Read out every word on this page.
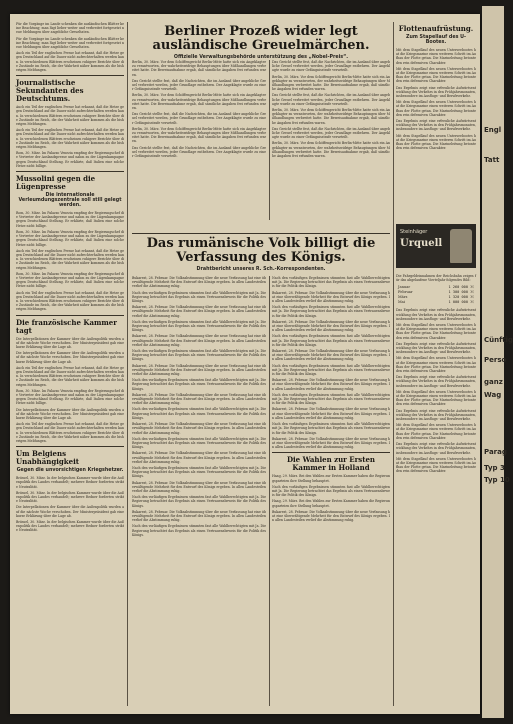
Für die Vorgänge im Lande schenken die ausländischen Blätter keine Beachtung; man lügt lieber weiter und verbreitet fortgesetzt neue Meldungen über angebliche Greueltaten.

Für die Vorgänge im Lande schenken die ausländischen Blätter keine Beachtung; man lügt lieber weiter und verbreitet fortgesetzt neue Meldungen über angebliche Greueltaten.

Auch ein Teil der englischen Presse hat erkannt, daß die Hetze gegen Deutschland auf die Dauer nicht aufrechterhalten werden kann. In verschiedenen Blättern erscheinen ruhigere Berichte über die Zustände im Reich, die der Wahrheit näher kommen als die bisherigen Meldungen.

Journalistische Sekundanten des Deutschtums.

Auch ein Teil der englischen Presse hat erkannt, daß die Hetze gegen Deutschland auf die Dauer nicht aufrechterhalten werden kann. In verschiedenen Blättern erscheinen ruhigere Berichte über die Zustände im Reich, die der Wahrheit näher kommen als die bisherigen Meldungen.

Auch ein Teil der englischen Presse hat erkannt, daß die Hetze gegen Deutschland auf die Dauer nicht aufrechterhalten werden kann. In verschiedenen Blättern erscheinen ruhigere Berichte über die Zustände im Reich, die der Wahrheit näher kommen als die bisherigen Meldungen.

Rom, 30. März. Im Palazzo Venezia empfing der Regierungschef die Vertreter der Auslandspresse und nahm zu der Lügenkampagne gegen Deutschland Stellung. Er erklärte, daß Italien eine solche Hetze nicht billige.

Mussolini gegen die Lügenpresse
Die internationale Verleumdungszentrale soll still gelegt werden.

Rom, 30. März. Im Palazzo Venezia empfing der Regierungschef die Vertreter der Auslandspresse und nahm zu der Lügenkampagne gegen Deutschland Stellung. Er erklärte, daß Italien eine solche Hetze nicht billige.

Rom, 30. März. Im Palazzo Venezia empfing der Regierungschef die Vertreter der Auslandspresse und nahm zu der Lügenkampagne gegen Deutschland Stellung. Er erklärte, daß Italien eine solche Hetze nicht billige.

Auch ein Teil der englischen Presse hat erkannt, daß die Hetze gegen Deutschland auf die Dauer nicht aufrechterhalten werden kann. In verschiedenen Blättern erscheinen ruhigere Berichte über die Zustände im Reich, die der Wahrheit näher kommen als die bisherigen Meldungen.

Rom, 30. März. Im Palazzo Venezia empfing der Regierungschef die Vertreter der Auslandspresse und nahm zu der Lügenkampagne gegen Deutschland Stellung. Er erklärte, daß Italien eine solche Hetze nicht billige.

Auch ein Teil der englischen Presse hat erkannt, daß die Hetze gegen Deutschland auf die Dauer nicht aufrechterhalten werden kann. In verschiedenen Blättern erscheinen ruhigere Berichte über die Zustände im Reich, die der Wahrheit näher kommen als die bisherigen Meldungen.

Die französische Kammer tagt

Die Interpellationen der Kammer über die Außenpolitik wurden auf die nächste Woche verschoben. Der Ministerpräsident gab eine kurze Erklärung über die Lage ab.

Die Interpellationen der Kammer über die Außenpolitik wurden auf die nächste Woche verschoben. Der Ministerpräsident gab eine kurze Erklärung über die Lage ab.

Auch ein Teil der englischen Presse hat erkannt, daß die Hetze gegen Deutschland auf die Dauer nicht aufrechterhalten werden kann. In verschiedenen Blättern erscheinen ruhigere Berichte über die Zustände im Reich, die der Wahrheit näher kommen als die bisherigen Meldungen.

Rom, 30. März. Im Palazzo Venezia empfing der Regierungschef die Vertreter der Auslandspresse und nahm zu der Lügenkampagne gegen Deutschland Stellung. Er erklärte, daß Italien eine solche Hetze nicht billige.

Die Interpellationen der Kammer über die Außenpolitik wurden auf die nächste Woche verschoben. Der Ministerpräsident gab eine kurze Erklärung über die Lage ab.

Auch ein Teil der englischen Presse hat erkannt, daß die Hetze gegen Deutschland auf die Dauer nicht aufrechterhalten werden kann. In verschiedenen Blättern erscheinen ruhigere Berichte über die Zustände im Reich, die der Wahrheit näher kommen als die bisherigen Meldungen.

Um Belgiens Unabhängigkeit
Gegen die unvorsichtigen Kriegshetzer.

Brüssel, 30. März. In der belgischen Kammer wurde über die Außenpolitik des Landes verhandelt; mehrere Redner forderten strikte Neutralität.

Brüssel, 30. März. In der belgischen Kammer wurde über die Außenpolitik des Landes verhandelt; mehrere Redner forderten strikte Neutralität.

Die Interpellationen der Kammer über die Außenpolitik wurden auf die nächste Woche verschoben. Der Ministerpräsident gab eine kurze Erklärung über die Lage ab.

Brüssel, 30. März. In der belgischen Kammer wurde über die Außenpolitik des Landes verhandelt; mehrere Redner forderten strikte Neutralität.

Berliner Prozeß wider legt ausländische Greuelmärchen.
Offizielle Verwaltungsbehörde unterstützung des „Nobel-Preis“.

Berlin, 30. März. Vor dem Schöffengericht Berlin-Mitte hatte sich ein Angeklagter zu verantworten, der wahrheitswidrige Behauptungen über Mißhandlungen verbreitet hatte. Die Beweisaufnahme ergab, daß sämtliche Angaben frei erfunden waren.

Das Gericht stellte fest, daß die Nachrichten, die im Ausland über angebliche Greuel verbreitet werden, jeder Grundlage entbehren. Der Angeklagte wurde zu einer Gefängnisstrafe verurteilt.

Berlin, 30. März. Vor dem Schöffengericht Berlin-Mitte hatte sich ein Angeklagter zu verantworten, der wahrheitswidrige Behauptungen über Mißhandlungen verbreitet hatte. Die Beweisaufnahme ergab, daß sämtliche Angaben frei erfunden waren.

Das Gericht stellte fest, daß die Nachrichten, die im Ausland über angebliche Greuel verbreitet werden, jeder Grundlage entbehren. Der Angeklagte wurde zu einer Gefängnisstrafe verurteilt.

Berlin, 30. März. Vor dem Schöffengericht Berlin-Mitte hatte sich ein Angeklagter zu verantworten, der wahrheitswidrige Behauptungen über Mißhandlungen verbreitet hatte. Die Beweisaufnahme ergab, daß sämtliche Angaben frei erfunden waren.

Das Gericht stellte fest, daß die Nachrichten, die im Ausland über angebliche Greuel verbreitet werden, jeder Grundlage entbehren. Der Angeklagte wurde zu einer Gefängnisstrafe verurteilt.

Das Gericht stellte fest, daß die Nachrichten, die im Ausland über angebliche Greuel verbreitet werden, jeder Grundlage entbehren. Der Angeklagte wurde zu einer Gefängnisstrafe verurteilt.

Berlin, 30. März. Vor dem Schöffengericht Berlin-Mitte hatte sich ein Angeklagter zu verantworten, der wahrheitswidrige Behauptungen über Mißhandlungen verbreitet hatte. Die Beweisaufnahme ergab, daß sämtliche Angaben frei erfunden waren.

Das Gericht stellte fest, daß die Nachrichten, die im Ausland über angebliche Greuel verbreitet werden, jeder Grundlage entbehren. Der Angeklagte wurde zu einer Gefängnisstrafe verurteilt.

Berlin, 30. März. Vor dem Schöffengericht Berlin-Mitte hatte sich ein Angeklagter zu verantworten, der wahrheitswidrige Behauptungen über Mißhandlungen verbreitet hatte. Die Beweisaufnahme ergab, daß sämtliche Angaben frei erfunden waren.

Das Gericht stellte fest, daß die Nachrichten, die im Ausland über angebliche Greuel verbreitet werden, jeder Grundlage entbehren. Der Angeklagte wurde zu einer Gefängnisstrafe verurteilt.

Berlin, 30. März. Vor dem Schöffengericht Berlin-Mitte hatte sich ein Angeklagter zu verantworten, der wahrheitswidrige Behauptungen über Mißhandlungen verbreitet hatte. Die Beweisaufnahme ergab, daß sämtliche Angaben frei erfunden waren.

Das rumänische Volk billigt die Verfassung des Königs.
Drahtbericht unseres R. Sch.-Korrespondenten.

Bukarest, 28. Februar. Die Volksabstimmung über die neue Verfassung hat eine überwältigende Mehrheit für den Entwurf des Königs ergeben. In allen Landesteilen verlief die Abstimmung ruhig.

Nach den vorläufigen Ergebnissen stimmten fast alle Wahlberechtigten mit Ja. Die Regierung betrachtet das Ergebnis als einen Vertrauensbeweis für die Politik des Königs.

Bukarest, 28. Februar. Die Volksabstimmung über die neue Verfassung hat eine überwältigende Mehrheit für den Entwurf des Königs ergeben. In allen Landesteilen verlief die Abstimmung ruhig.

Nach den vorläufigen Ergebnissen stimmten fast alle Wahlberechtigten mit Ja. Die Regierung betrachtet das Ergebnis als einen Vertrauensbeweis für die Politik des Königs.

Bukarest, 28. Februar. Die Volksabstimmung über die neue Verfassung hat eine überwältigende Mehrheit für den Entwurf des Königs ergeben. In allen Landesteilen verlief die Abstimmung ruhig.

Nach den vorläufigen Ergebnissen stimmten fast alle Wahlberechtigten mit Ja. Die Regierung betrachtet das Ergebnis als einen Vertrauensbeweis für die Politik des Königs.

Bukarest, 28. Februar. Die Volksabstimmung über die neue Verfassung hat eine überwältigende Mehrheit für den Entwurf des Königs ergeben. In allen Landesteilen verlief die Abstimmung ruhig.

Nach den vorläufigen Ergebnissen stimmten fast alle Wahlberechtigten mit Ja. Die Regierung betrachtet das Ergebnis als einen Vertrauensbeweis für die Politik des Königs.

Bukarest, 28. Februar. Die Volksabstimmung über die neue Verfassung hat eine überwältigende Mehrheit für den Entwurf des Königs ergeben. In allen Landesteilen verlief die Abstimmung ruhig.

Nach den vorläufigen Ergebnissen stimmten fast alle Wahlberechtigten mit Ja. Die Regierung betrachtet das Ergebnis als einen Vertrauensbeweis für die Politik des Königs.

Bukarest, 28. Februar. Die Volksabstimmung über die neue Verfassung hat eine überwältigende Mehrheit für den Entwurf des Königs ergeben. In allen Landesteilen verlief die Abstimmung ruhig.

Nach den vorläufigen Ergebnissen stimmten fast alle Wahlberechtigten mit Ja. Die Regierung betrachtet das Ergebnis als einen Vertrauensbeweis für die Politik des Königs.

Bukarest, 28. Februar. Die Volksabstimmung über die neue Verfassung hat eine überwältigende Mehrheit für den Entwurf des Königs ergeben. In allen Landesteilen verlief die Abstimmung ruhig.

Nach den vorläufigen Ergebnissen stimmten fast alle Wahlberechtigten mit Ja. Die Regierung betrachtet das Ergebnis als einen Vertrauensbeweis für die Politik des Königs.

Bukarest, 28. Februar. Die Volksabstimmung über die neue Verfassung hat eine überwältigende Mehrheit für den Entwurf des Königs ergeben. In allen Landesteilen verlief die Abstimmung ruhig.

Nach den vorläufigen Ergebnissen stimmten fast alle Wahlberechtigten mit Ja. Die Regierung betrachtet das Ergebnis als einen Vertrauensbeweis für die Politik des Königs.

Bukarest, 28. Februar. Die Volksabstimmung über die neue Verfassung hat eine überwältigende Mehrheit für den Entwurf des Königs ergeben. In allen Landesteilen verlief die Abstimmung ruhig.

Nach den vorläufigen Ergebnissen stimmten fast alle Wahlberechtigten mit Ja. Die Regierung betrachtet das Ergebnis als einen Vertrauensbeweis für die Politik des Königs.

Nach den vorläufigen Ergebnissen stimmten fast alle Wahlberechtigten mit Ja. Die Regierung betrachtet das Ergebnis als einen Vertrauensbeweis für die Politik des Königs.

Bukarest, 28. Februar. Die Volksabstimmung über die neue Verfassung hat eine überwältigende Mehrheit für den Entwurf des Königs ergeben. In allen Landesteilen verlief die Abstimmung ruhig.

Nach den vorläufigen Ergebnissen stimmten fast alle Wahlberechtigten mit Ja. Die Regierung betrachtet das Ergebnis als einen Vertrauensbeweis für die Politik des Königs.

Bukarest, 28. Februar. Die Volksabstimmung über die neue Verfassung hat eine überwältigende Mehrheit für den Entwurf des Königs ergeben. In allen Landesteilen verlief die Abstimmung ruhig.

Nach den vorläufigen Ergebnissen stimmten fast alle Wahlberechtigten mit Ja. Die Regierung betrachtet das Ergebnis als einen Vertrauensbeweis für die Politik des Königs.

Bukarest, 28. Februar. Die Volksabstimmung über die neue Verfassung hat eine überwältigende Mehrheit für den Entwurf des Königs ergeben. In allen Landesteilen verlief die Abstimmung ruhig.

Nach den vorläufigen Ergebnissen stimmten fast alle Wahlberechtigten mit Ja. Die Regierung betrachtet das Ergebnis als einen Vertrauensbeweis für die Politik des Königs.

Bukarest, 28. Februar. Die Volksabstimmung über die neue Verfassung hat eine überwältigende Mehrheit für den Entwurf des Königs ergeben. In allen Landesteilen verlief die Abstimmung ruhig.

Nach den vorläufigen Ergebnissen stimmten fast alle Wahlberechtigten mit Ja. Die Regierung betrachtet das Ergebnis als einen Vertrauensbeweis für die Politik des Königs.

Bukarest, 28. Februar. Die Volksabstimmung über die neue Verfassung hat eine überwältigende Mehrheit für den Entwurf des Königs ergeben. In allen Landesteilen verlief die Abstimmung ruhig.

Nach den vorläufigen Ergebnissen stimmten fast alle Wahlberechtigten mit Ja. Die Regierung betrachtet das Ergebnis als einen Vertrauensbeweis für die Politik des Königs.

Bukarest, 28. Februar. Die Volksabstimmung über die neue Verfassung hat eine überwältigende Mehrheit für den Entwurf des Königs ergeben. In allen Landesteilen verlief die Abstimmung ruhig.

Die Wahlen zur Ersten Kammer in Holland

Haag, 29. März. Bei den Wahlen zur Ersten Kammer haben die Regierungsparteien ihre Stellung behauptet.

Nach den vorläufigen Ergebnissen stimmten fast alle Wahlberechtigten mit Ja. Die Regierung betrachtet das Ergebnis als einen Vertrauensbeweis für die Politik des Königs.

Haag, 29. März. Bei den Wahlen zur Ersten Kammer haben die Regierungsparteien ihre Stellung behauptet.

Bukarest, 28. Februar. Die Volksabstimmung über die neue Verfassung hat eine überwältigende Mehrheit für den Entwurf des Königs ergeben. In allen Landesteilen verlief die Abstimmung ruhig.

Flottenaufrüstung.
Zum Stapellauf des U-Bootes.

Mit dem Stapellauf des neuen Unterseebootes hat die Kriegsmarine einen weiteren Schritt im Aufbau der Flotte getan. Die Marineleitung betonte den rein defensiven Charakter.

Mit dem Stapellauf des neuen Unterseebootes hat die Kriegsmarine einen weiteren Schritt im Aufbau der Flotte getan. Die Marineleitung betonte den rein defensiven Charakter.

Das Ergebnis zeigt eine erfreuliche Aufwärtsentwicklung des Verkehrs in den Frühjahrsmonaten, insbesondere im Ausflugs- und Berufsverkehr.

Mit dem Stapellauf des neuen Unterseebootes hat die Kriegsmarine einen weiteren Schritt im Aufbau der Flotte getan. Die Marineleitung betonte den rein defensiven Charakter.

Das Ergebnis zeigt eine erfreuliche Aufwärtsentwicklung des Verkehrs in den Frühjahrsmonaten, insbesondere im Ausflugs- und Berufsverkehr.

Mit dem Stapellauf des neuen Unterseebootes hat die Kriegsmarine einen weiteren Schritt im Aufbau der Flotte getan. Die Marineleitung betonte den rein defensiven Charakter.

Steinhäger
Urquell

Die Fahrgeldeinnahmen der Reichsbahn zeigen für das abgelaufene Vierteljahr folgendes Bild:

Januar	1 260 000 ℳ
Februar	1 300 000 ℳ
März	1 320 000 ℳ
Mai	1 000 000 ℳ

Das Ergebnis zeigt eine erfreuliche Aufwärtsentwicklung des Verkehrs in den Frühjahrsmonaten, insbesondere im Ausflugs- und Berufsverkehr.

Mit dem Stapellauf des neuen Unterseebootes hat die Kriegsmarine einen weiteren Schritt im Aufbau der Flotte getan. Die Marineleitung betonte den rein defensiven Charakter.

Das Ergebnis zeigt eine erfreuliche Aufwärtsentwicklung des Verkehrs in den Frühjahrsmonaten, insbesondere im Ausflugs- und Berufsverkehr.

Mit dem Stapellauf des neuen Unterseebootes hat die Kriegsmarine einen weiteren Schritt im Aufbau der Flotte getan. Die Marineleitung betonte den rein defensiven Charakter.

Das Ergebnis zeigt eine erfreuliche Aufwärtsentwicklung des Verkehrs in den Frühjahrsmonaten, insbesondere im Ausflugs- und Berufsverkehr.

Mit dem Stapellauf des neuen Unterseebootes hat die Kriegsmarine einen weiteren Schritt im Aufbau der Flotte getan. Die Marineleitung betonte den rein defensiven Charakter.

Das Ergebnis zeigt eine erfreuliche Aufwärtsentwicklung des Verkehrs in den Frühjahrsmonaten, insbesondere im Ausflugs- und Berufsverkehr.

Mit dem Stapellauf des neuen Unterseebootes hat die Kriegsmarine einen weiteren Schritt im Aufbau der Flotte getan. Die Marineleitung betonte den rein defensiven Charakter.

Das Ergebnis zeigt eine erfreuliche Aufwärtsentwicklung des Verkehrs in den Frühjahrsmonaten, insbesondere im Ausflugs- und Berufsverkehr.

Mit dem Stapellauf des neuen Unterseebootes hat die Kriegsmarine einen weiteren Schritt im Aufbau der Flotte getan. Die Marineleitung betonte den rein defensiven Charakter.

Engl
Tatt
Cünftig
Perso
ganz
Wag
Parag
Typ 3
Typ 10
